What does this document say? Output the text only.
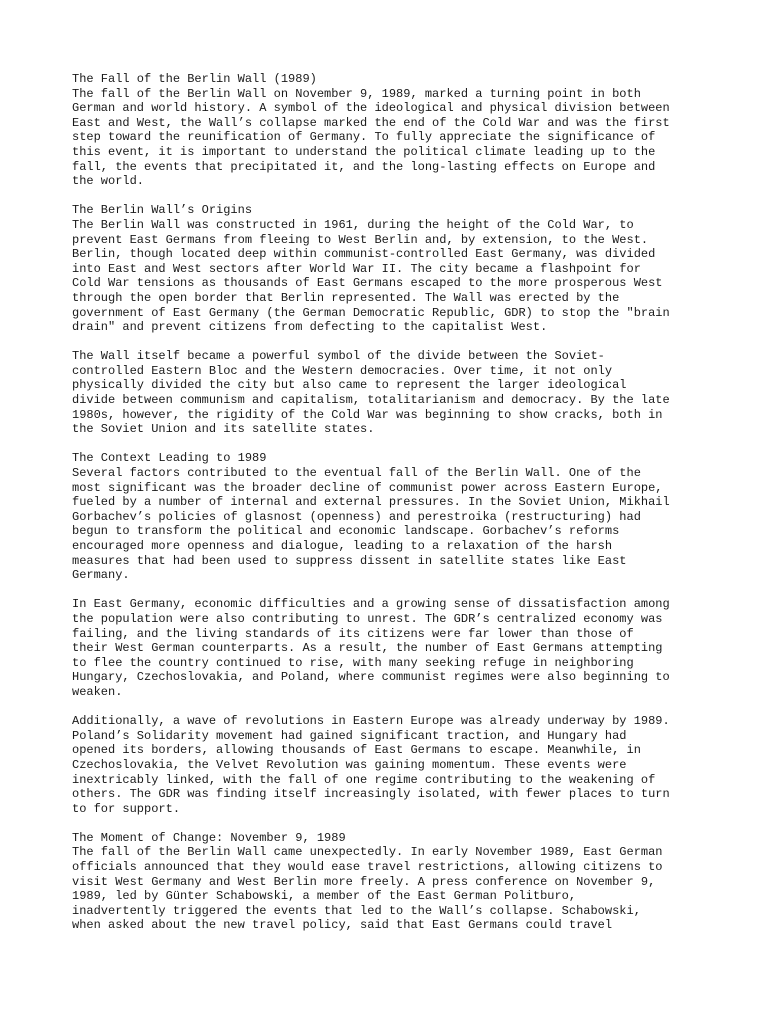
The Fall of the Berlin Wall (1989)
The fall of the Berlin Wall on November 9, 1989, marked a turning point in both
German and world history. A symbol of the ideological and physical division between
East and West, the Wall’s collapse marked the end of the Cold War and was the first
step toward the reunification of Germany. To fully appreciate the significance of
this event, it is important to understand the political climate leading up to the
fall, the events that precipitated it, and the long-lasting effects on Europe and
the world.
The Berlin Wall’s Origins
The Berlin Wall was constructed in 1961, during the height of the Cold War, to
prevent East Germans from fleeing to West Berlin and, by extension, to the West.
Berlin, though located deep within communist-controlled East Germany, was divided
into East and West sectors after World War II. The city became a flashpoint for
Cold War tensions as thousands of East Germans escaped to the more prosperous West
through the open border that Berlin represented. The Wall was erected by the
government of East Germany (the German Democratic Republic, GDR) to stop the "brain
drain" and prevent citizens from defecting to the capitalist West.
The Wall itself became a powerful symbol of the divide between the Soviet-
controlled Eastern Bloc and the Western democracies. Over time, it not only
physically divided the city but also came to represent the larger ideological
divide between communism and capitalism, totalitarianism and democracy. By the late
1980s, however, the rigidity of the Cold War was beginning to show cracks, both in
the Soviet Union and its satellite states.
The Context Leading to 1989
Several factors contributed to the eventual fall of the Berlin Wall. One of the
most significant was the broader decline of communist power across Eastern Europe,
fueled by a number of internal and external pressures. In the Soviet Union, Mikhail
Gorbachev’s policies of glasnost (openness) and perestroika (restructuring) had
begun to transform the political and economic landscape. Gorbachev’s reforms
encouraged more openness and dialogue, leading to a relaxation of the harsh
measures that had been used to suppress dissent in satellite states like East
Germany.
In East Germany, economic difficulties and a growing sense of dissatisfaction among
the population were also contributing to unrest. The GDR’s centralized economy was
failing, and the living standards of its citizens were far lower than those of
their West German counterparts. As a result, the number of East Germans attempting
to flee the country continued to rise, with many seeking refuge in neighboring
Hungary, Czechoslovakia, and Poland, where communist regimes were also beginning to
weaken.
Additionally, a wave of revolutions in Eastern Europe was already underway by 1989.
Poland’s Solidarity movement had gained significant traction, and Hungary had
opened its borders, allowing thousands of East Germans to escape. Meanwhile, in
Czechoslovakia, the Velvet Revolution was gaining momentum. These events were
inextricably linked, with the fall of one regime contributing to the weakening of
others. The GDR was finding itself increasingly isolated, with fewer places to turn
to for support.
The Moment of Change: November 9, 1989
The fall of the Berlin Wall came unexpectedly. In early November 1989, East German
officials announced that they would ease travel restrictions, allowing citizens to
visit West Germany and West Berlin more freely. A press conference on November 9,
1989, led by Günter Schabowski, a member of the East German Politburo,
inadvertently triggered the events that led to the Wall’s collapse. Schabowski,
when asked about the new travel policy, said that East Germans could travel
